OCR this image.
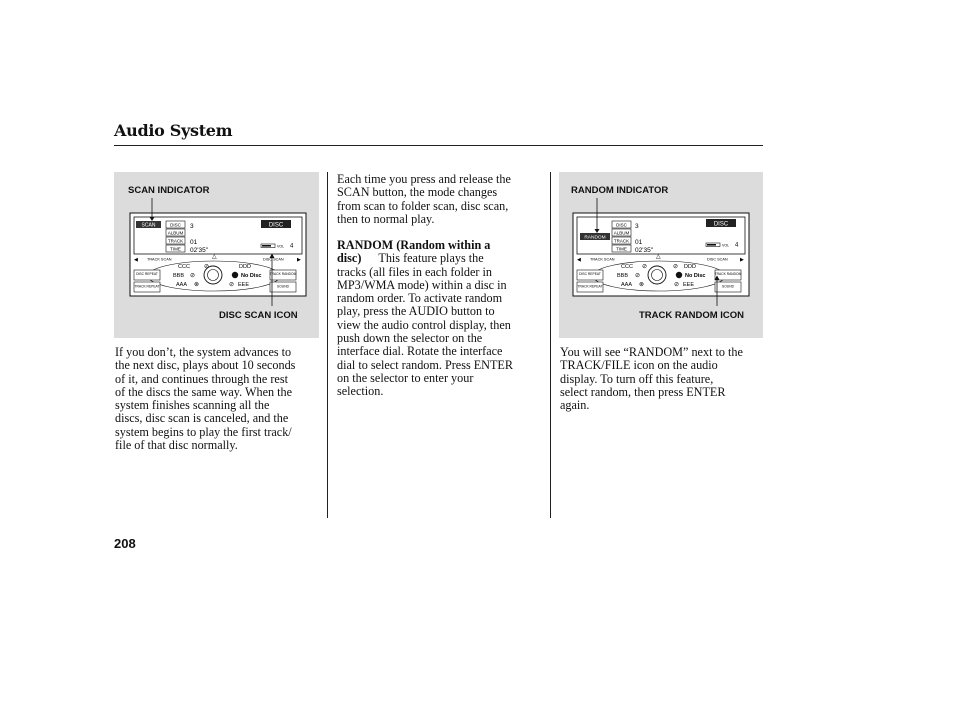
Audio System
SCAN INDICATOR
DISC SCAN ICON
SCAN	DISC
ALBUM
TRACK
TIME
3
01
02'35"
DISC
VOL 4
◀ TRACK SCAN	DISC SCAN	▶
△
CCC ⊘	DDD
BBB ⊘	No Disc
AAA ⊗	⊘ EEE
DISC REPEAT
TRACK REPEAT
TRACK RANDOM
SOUND
RANDOM INDICATOR
TRACK RANDOM ICON
RANDOM
DISC
ALBUM
TRACK
TIME
3
01
02'35"
DISC
VOL 4
◀ TRACK SCAN	DISC SCAN ▶
△
CCC ⊘	DDD
⊘
BBB ⊘	No Disc
AAA ⊗	⊘ EEE
DISC REPEAT
TRACK REPEAT
TRACK RANDOM
SOUND
If you don’t, the system advances to
the next disc, plays about 10 seconds
of it, and continues through the rest
of the discs the same way. When the
system finishes scanning all the
discs, disc scan is canceled, and the
system begins to play the first track/
file of that disc normally.
Each time you press and release the
SCAN button, the mode changes
from scan to folder scan, disc scan,
then to normal play.
RANDOM (Random within a
disc) This feature plays the
tracks (all files in each folder in
MP3/WMA mode) within a disc in
random order. To activate random
play, press the AUDIO button to
view the audio control display, then
push down the selector on the
interface dial. Rotate the interface
dial to select random. Press ENTER
on the selector to enter your
selection.
You will see “RANDOM” next to the
TRACK/FILE icon on the audio
display. To turn off this feature,
select random, then press ENTER
again.
208
